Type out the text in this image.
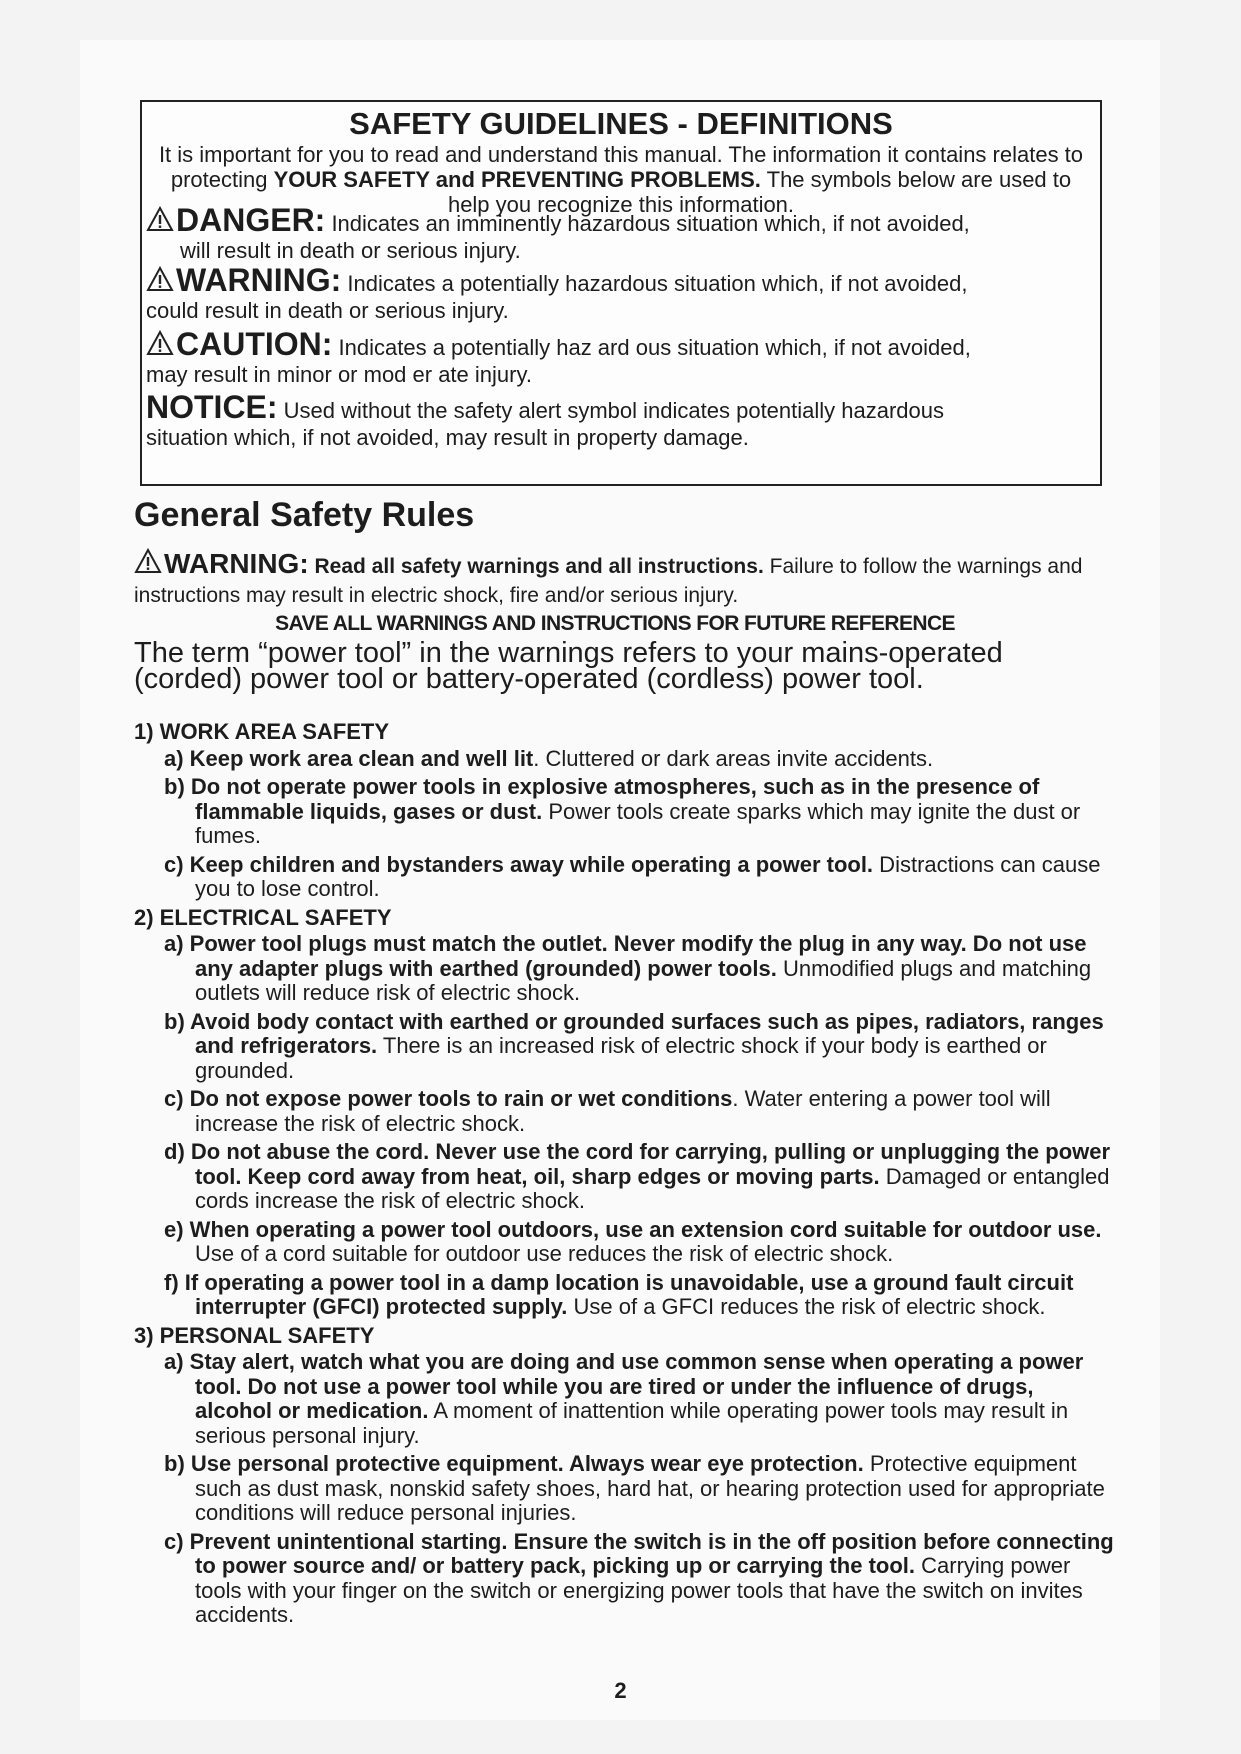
SAFETY GUIDELINES - DEFINITIONS
It is important for you to read and understand this manual. The information it contains relates to protecting YOUR SAFETY and PREVENTING PROBLEMS. The symbols below are used to help you recognize this information.
DANGER: Indicates an imminently hazardous situation which, if not avoided,
will result in death or serious injury.
WARNING: Indicates a potentially hazardous situation which, if not avoided,
could result in death or serious injury.
CAUTION: Indicates a potentially haz ard ous situation which, if not avoided,
may result in minor or mod er ate injury.
NOTICE: Used without the safety alert symbol indicates potentially hazardous
situation which, if not avoided, may result in property damage.
General Safety Rules
WARNING: Read all safety warnings and all instructions. Failure to follow the warnings and instructions may result in electric shock, fire and/or serious injury.
SAVE ALL WARNINGS AND INSTRUCTIONS FOR FUTURE REFERENCE
The term “power tool” in the warnings refers to your mains-operated (corded) power tool or battery-operated (cordless) power tool.
1) WORK AREA SAFETY
a) Keep work area clean and well lit. Cluttered or dark areas invite accidents.
b) Do not operate power tools in explosive atmospheres, such as in the presence of flammable liquids, gases or dust. Power tools create sparks which may ignite the dust or fumes.
c) Keep children and bystanders away while operating a power tool. Distractions can cause you to lose control.
2) ELECTRICAL SAFETY
a) Power tool plugs must match the outlet. Never modify the plug in any way. Do not use any adapter plugs with earthed (grounded) power tools. Unmodified plugs and matching outlets will reduce risk of electric shock.
b) Avoid body contact with earthed or grounded surfaces such as pipes, radiators, ranges and refrigerators. There is an increased risk of electric shock if your body is earthed or grounded.
c) Do not expose power tools to rain or wet conditions. Water entering a power tool will increase the risk of electric shock.
d) Do not abuse the cord. Never use the cord for carrying, pulling or unplugging the power tool. Keep cord away from heat, oil, sharp edges or moving parts. Damaged or entangled cords increase the risk of electric shock.
e) When operating a power tool outdoors, use an extension cord suitable for outdoor use. Use of a cord suitable for outdoor use reduces the risk of electric shock.
f) If operating a power tool in a damp location is unavoidable, use a ground fault circuit interrupter (GFCI) protected supply. Use of a GFCI reduces the risk of electric shock.
3) PERSONAL SAFETY
a) Stay alert, watch what you are doing and use common sense when operating a power tool. Do not use a power tool while you are tired or under the influence of drugs, alcohol or medication. A moment of inattention while operating power tools may result in serious personal injury.
b) Use personal protective equipment. Always wear eye protection. Protective equipment such as dust mask, nonskid safety shoes, hard hat, or hearing protection used for appropriate conditions will reduce personal injuries.
c) Prevent unintentional starting. Ensure the switch is in the off position before connecting to power source and/ or battery pack, picking up or carrying the tool. Carrying power tools with your finger on the switch or energizing power tools that have the switch on invites accidents.
2
